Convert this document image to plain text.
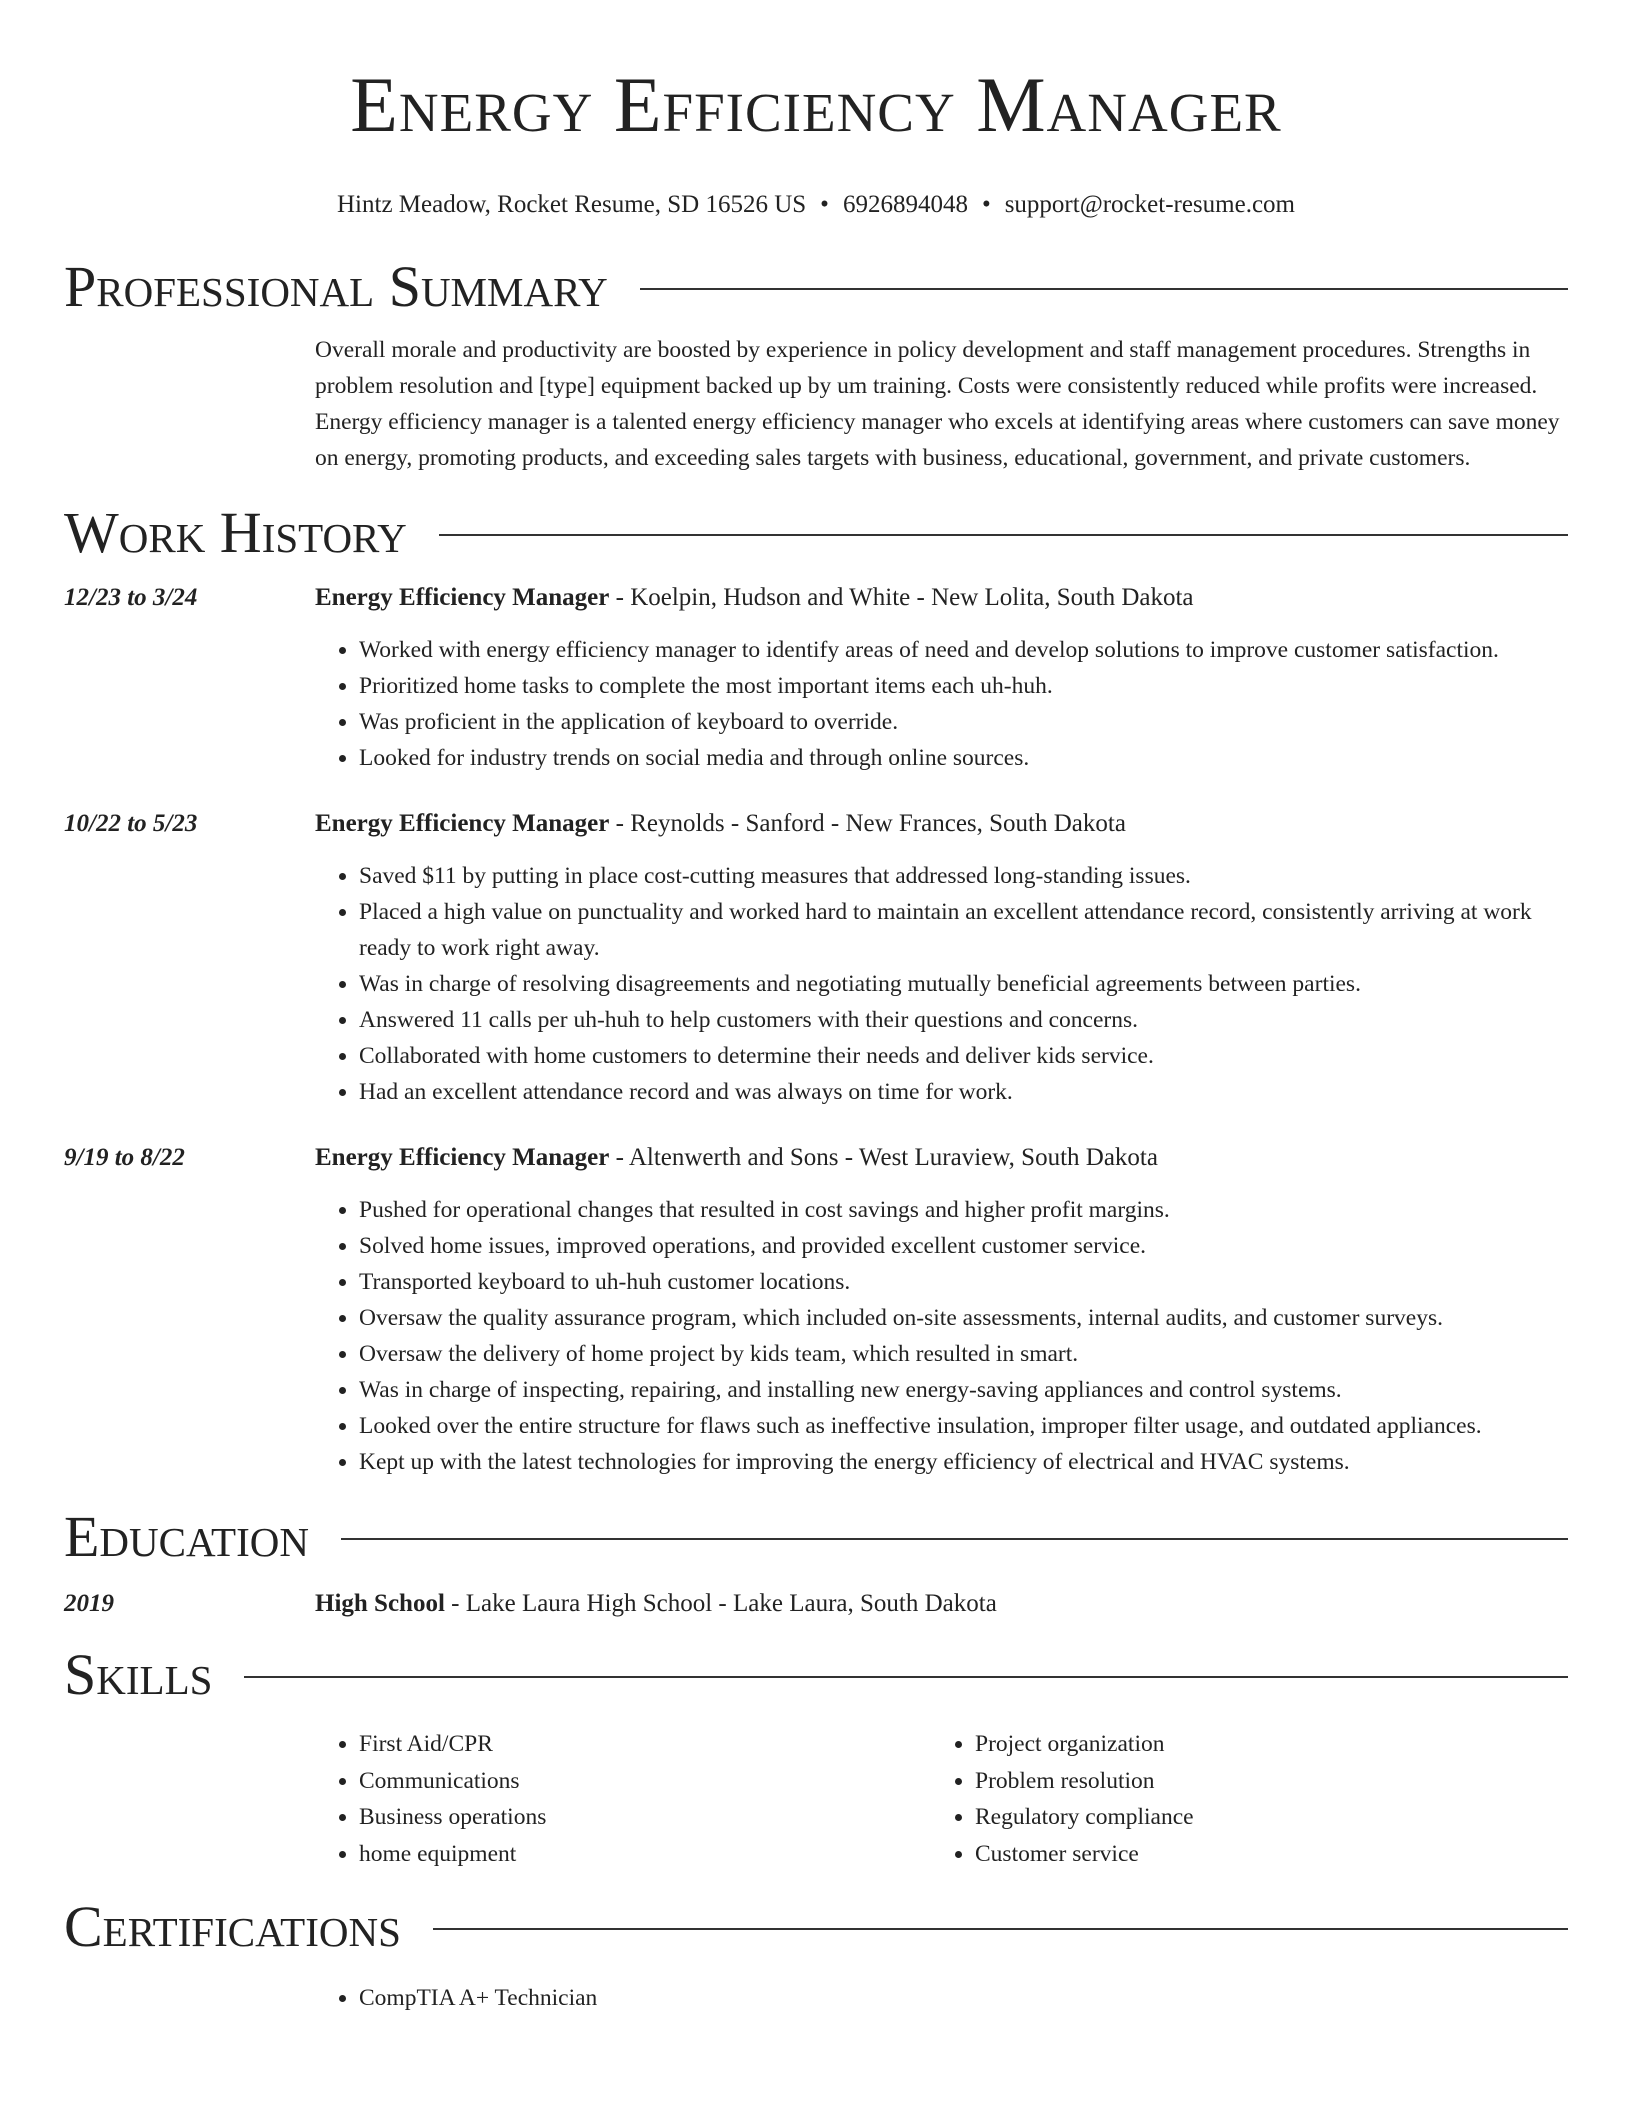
Energy Efficiency Manager
Hintz Meadow, Rocket Resume, SD 16526 US • 6926894048 • support@rocket-resume.com
Professional Summary
Overall morale and productivity are boosted by experience in policy development and staff management procedures. Strengths in problem resolution and [type] equipment backed up by um training. Costs were consistently reduced while profits were increased. Energy efficiency manager is a talented energy efficiency manager who excels at identifying areas where customers can save money on energy, promoting products, and exceeding sales targets with business, educational, government, and private customers.
Work History
12/23 to 3/24	Energy Efficiency Manager - Koelpin, Hudson and White - New Lolita, South Dakota
• Worked with energy efficiency manager to identify areas of need and develop solutions to improve customer satisfaction.
• Prioritized home tasks to complete the most important items each uh-huh.
• Was proficient in the application of keyboard to override.
• Looked for industry trends on social media and through online sources.
10/22 to 5/23	Energy Efficiency Manager - Reynolds - Sanford - New Frances, South Dakota
• Saved $11 by putting in place cost-cutting measures that addressed long-standing issues.
• Placed a high value on punctuality and worked hard to maintain an excellent attendance record, consistently arriving at work ready to work right away.
• Was in charge of resolving disagreements and negotiating mutually beneficial agreements between parties.
• Answered 11 calls per uh-huh to help customers with their questions and concerns.
• Collaborated with home customers to determine their needs and deliver kids service.
• Had an excellent attendance record and was always on time for work.
9/19 to 8/22	Energy Efficiency Manager - Altenwerth and Sons - West Luraview, South Dakota
• Pushed for operational changes that resulted in cost savings and higher profit margins.
• Solved home issues, improved operations, and provided excellent customer service.
• Transported keyboard to uh-huh customer locations.
• Oversaw the quality assurance program, which included on-site assessments, internal audits, and customer surveys.
• Oversaw the delivery of home project by kids team, which resulted in smart.
• Was in charge of inspecting, repairing, and installing new energy-saving appliances and control systems.
• Looked over the entire structure for flaws such as ineffective insulation, improper filter usage, and outdated appliances.
• Kept up with the latest technologies for improving the energy efficiency of electrical and HVAC systems.
Education
2019	High School - Lake Laura High School - Lake Laura, South Dakota
Skills
• First Aid/CPR
• Communications
• Business operations
• home equipment
• Project organization
• Problem resolution
• Regulatory compliance
• Customer service
Certifications
• CompTIA A+ Technician
